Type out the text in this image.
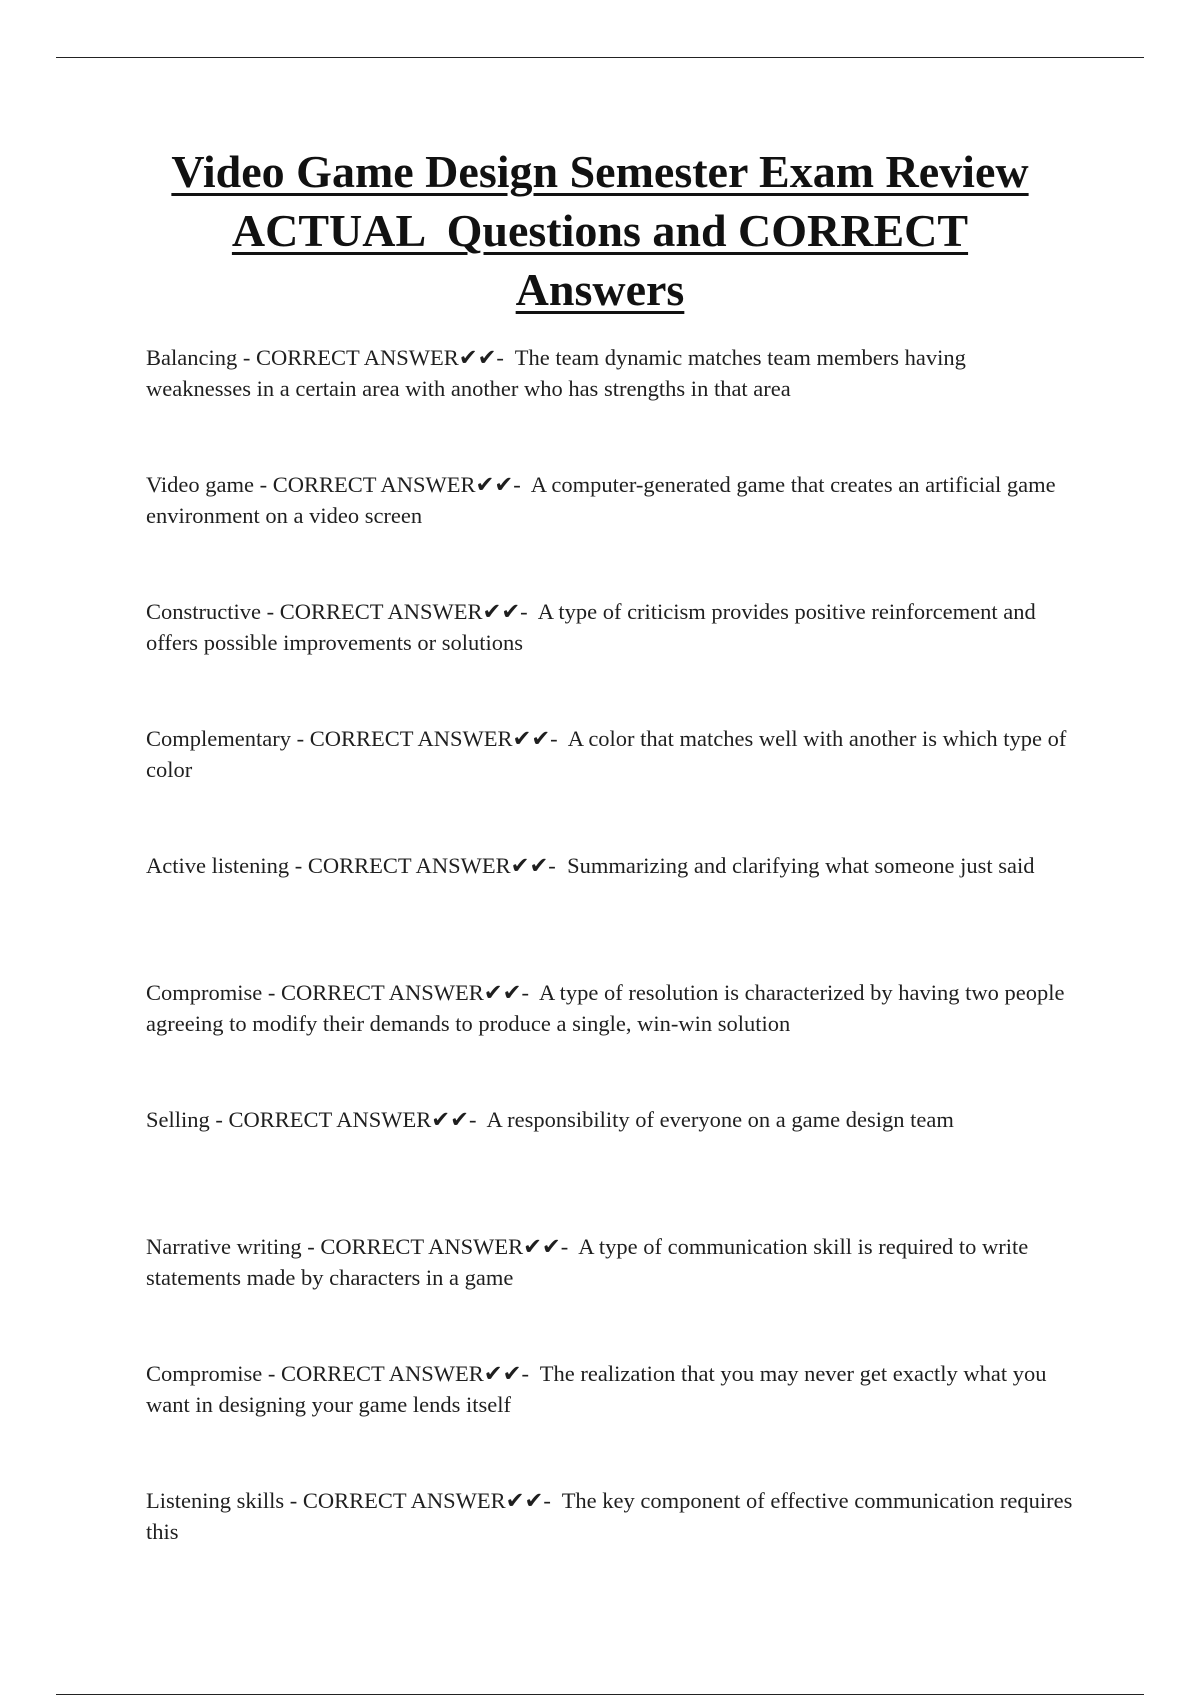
Video Game Design Semester Exam Review
ACTUAL  Questions and CORRECT
Answers
Balancing - CORRECT ANSWER✔✔- The team dynamic matches team members having weaknesses in a certain area with another who has strengths in that area
Video game - CORRECT ANSWER✔✔- A computer-generated game that creates an artificial game environment on a video screen
Constructive - CORRECT ANSWER✔✔- A type of criticism provides positive reinforcement and offers possible improvements or solutions
Complementary - CORRECT ANSWER✔✔- A color that matches well with another is which type of color
Active listening - CORRECT ANSWER✔✔- Summarizing and clarifying what someone just said
Compromise - CORRECT ANSWER✔✔- A type of resolution is characterized by having two people agreeing to modify their demands to produce a single, win-win solution
Selling - CORRECT ANSWER✔✔- A responsibility of everyone on a game design team
Narrative writing - CORRECT ANSWER✔✔- A type of communication skill is required to write statements made by characters in a game
Compromise - CORRECT ANSWER✔✔- The realization that you may never get exactly what you want in designing your game lends itself
Listening skills - CORRECT ANSWER✔✔- The key component of effective communication requires this
